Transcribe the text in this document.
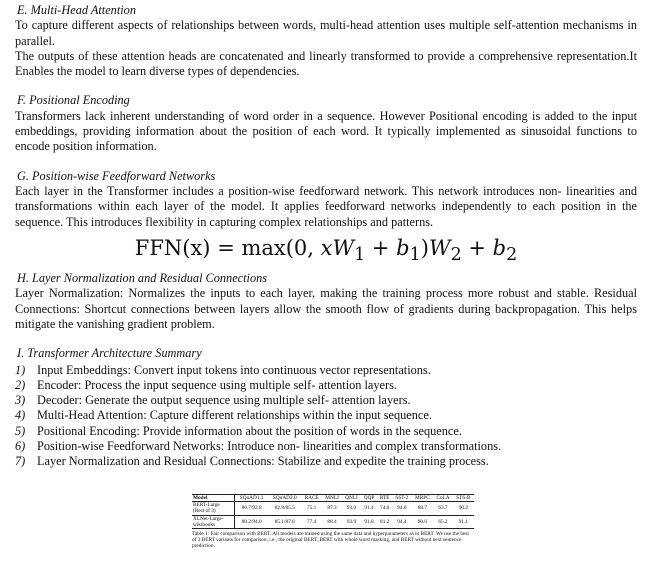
E. Multi-Head Attention

To capture different aspects of relationships between words, multi-head attention uses multiple self-attention mechanisms in parallel.

The outputs of these attention heads are concatenated and linearly transformed to provide a comprehensive representation.It Enables the model to learn diverse types of dependencies.

F. Positional Encoding

Transformers lack inherent understanding of word order in a sequence. However Positional encoding is added to the input embeddings, providing information about the position of each word. It typically implemented as sinusoidal functions to encode position information.

G. Position-wise Feedforward Networks

Each layer in the Transformer includes a position-wise feedforward network. This network introduces non- linearities and transformations within each layer of the model. It applies feedforward networks independently to each position in the sequence. This introduces flexibility in capturing complex relationships and patterns.

FFN(x) = max(0, $xW_1 + b_1)W_2 + b_2$

H. Layer Normalization and Residual Connections

Layer Normalization: Normalizes the inputs to each layer, making the training process more robust and stable. Residual Connections: Shortcut connections between layers allow the smooth flow of gradients during backpropagation. This helps mitigate the vanishing gradient problem.

I. Transformer Architecture Summary

1) Input Embeddings: Convert input tokens into continuous vector representations.
2) Encoder: Process the input sequence using multiple self- attention layers.
3) Decoder: Generate the output sequence using multiple self- attention layers.
4) Multi-Head Attention: Capture different relationships within the input sequence.
5) Positional Encoding: Provide information about the position of words in the sequence.
6) Position-wise Feedforward Networks: Introduce non- linearities and complex transformations.
7) Layer Normalization and Residual Connections: Stabilize and expedite the training process.
Model	SQuAD1.1	SQuAD2.0	RACE	MNLI	QNLI	QQP	RTE	SST-2	MRPC	CoLA	STS-B

BERT-Large
(Best of 3)	86.7/92.8	82.8/85.5	75.1	87.3	93.0	91.4	74.0	94.0	88.7	63.7	90.2

XLNet-Large-
wikibooks	88.2/94.0	85.1/87.8	77.4	88.4	93.9	91.8	81.2	94.4	90.0	65.2	91.1
Table 1: Fair comparison with BERT. All models are trained using the same data and hyperparameters as in BERT. We use the best of 3 BERT variants for comparison; i.e., the original BERT, BERT with whole word masking, and BERT without next sentence prediction.
